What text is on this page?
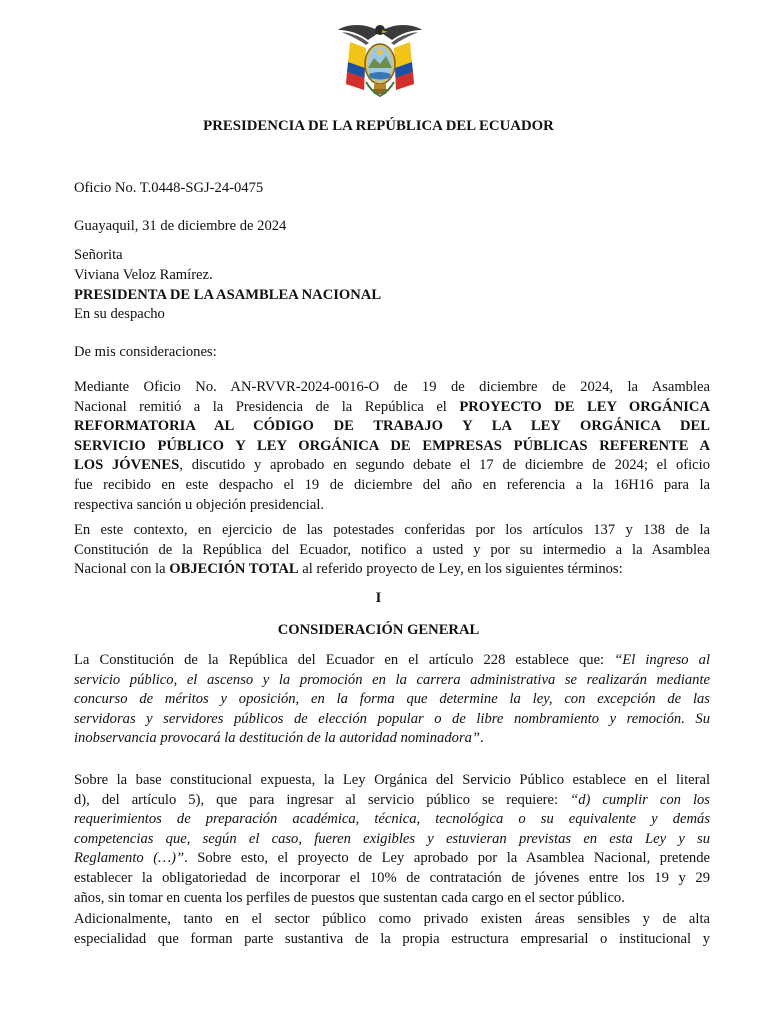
PRESIDENCIA DE LA REPÚBLICA DEL ECUADOR
Oficio No. T.0448-SGJ-24-0475
Guayaquil, 31 de diciembre de 2024
Señorita
Viviana Veloz Ramírez.
PRESIDENTA DE LA ASAMBLEA NACIONAL
En su despacho
De mis consideraciones:
Mediante Oficio No. AN-RVVR-2024-0016-O de 19 de diciembre de 2024, la Asamblea
Nacional remitió a la Presidencia de la República el PROYECTO DE LEY ORGÁNICA
REFORMATORIA AL CÓDIGO DE TRABAJO Y LA LEY ORGÁNICA DEL
SERVICIO PÚBLICO Y LEY ORGÁNICA DE EMPRESAS PÚBLICAS REFERENTE A
LOS JÓVENES, discutido y aprobado en segundo debate el 17 de diciembre de 2024; el oficio
fue recibido en este despacho el 19 de diciembre del año en referencia a la 16H16 para la
respectiva sanción u objeción presidencial.
En este contexto, en ejercicio de las potestades conferidas por los artículos 137 y 138 de la
Constitución de la República del Ecuador, notifico a usted y por su intermedio a la Asamblea
Nacional con la OBJECIÓN TOTAL al referido proyecto de Ley, en los siguientes términos:
I
CONSIDERACIÓN GENERAL
La Constitución de la República del Ecuador en el artículo 228 establece que: “El ingreso al
servicio público, el ascenso y la promoción en la carrera administrativa se realizarán mediante
concurso de méritos y oposición, en la forma que determine la ley, con excepción de las
servidoras y servidores públicos de elección popular o de libre nombramiento y remoción. Su
inobservancia provocará la destitución de la autoridad nominadora”.
Sobre la base constitucional expuesta, la Ley Orgánica del Servicio Público establece en el literal
d), del artículo 5), que para ingresar al servicio público se requiere: “d) cumplir con los
requerimientos de preparación académica, técnica, tecnológica o su equivalente y demás
competencias que, según el caso, fueren exigibles y estuvieran previstas en esta Ley y su
Reglamento (…)”. Sobre esto, el proyecto de Ley aprobado por la Asamblea Nacional, pretende
establecer la obligatoriedad de incorporar el 10% de contratación de jóvenes entre los 19 y 29
años, sin tomar en cuenta los perfiles de puestos que sustentan cada cargo en el sector público.
Adicionalmente, tanto en el sector público como privado existen áreas sensibles y de alta
especialidad que forman parte sustantiva de la propia estructura empresarial o institucional y
